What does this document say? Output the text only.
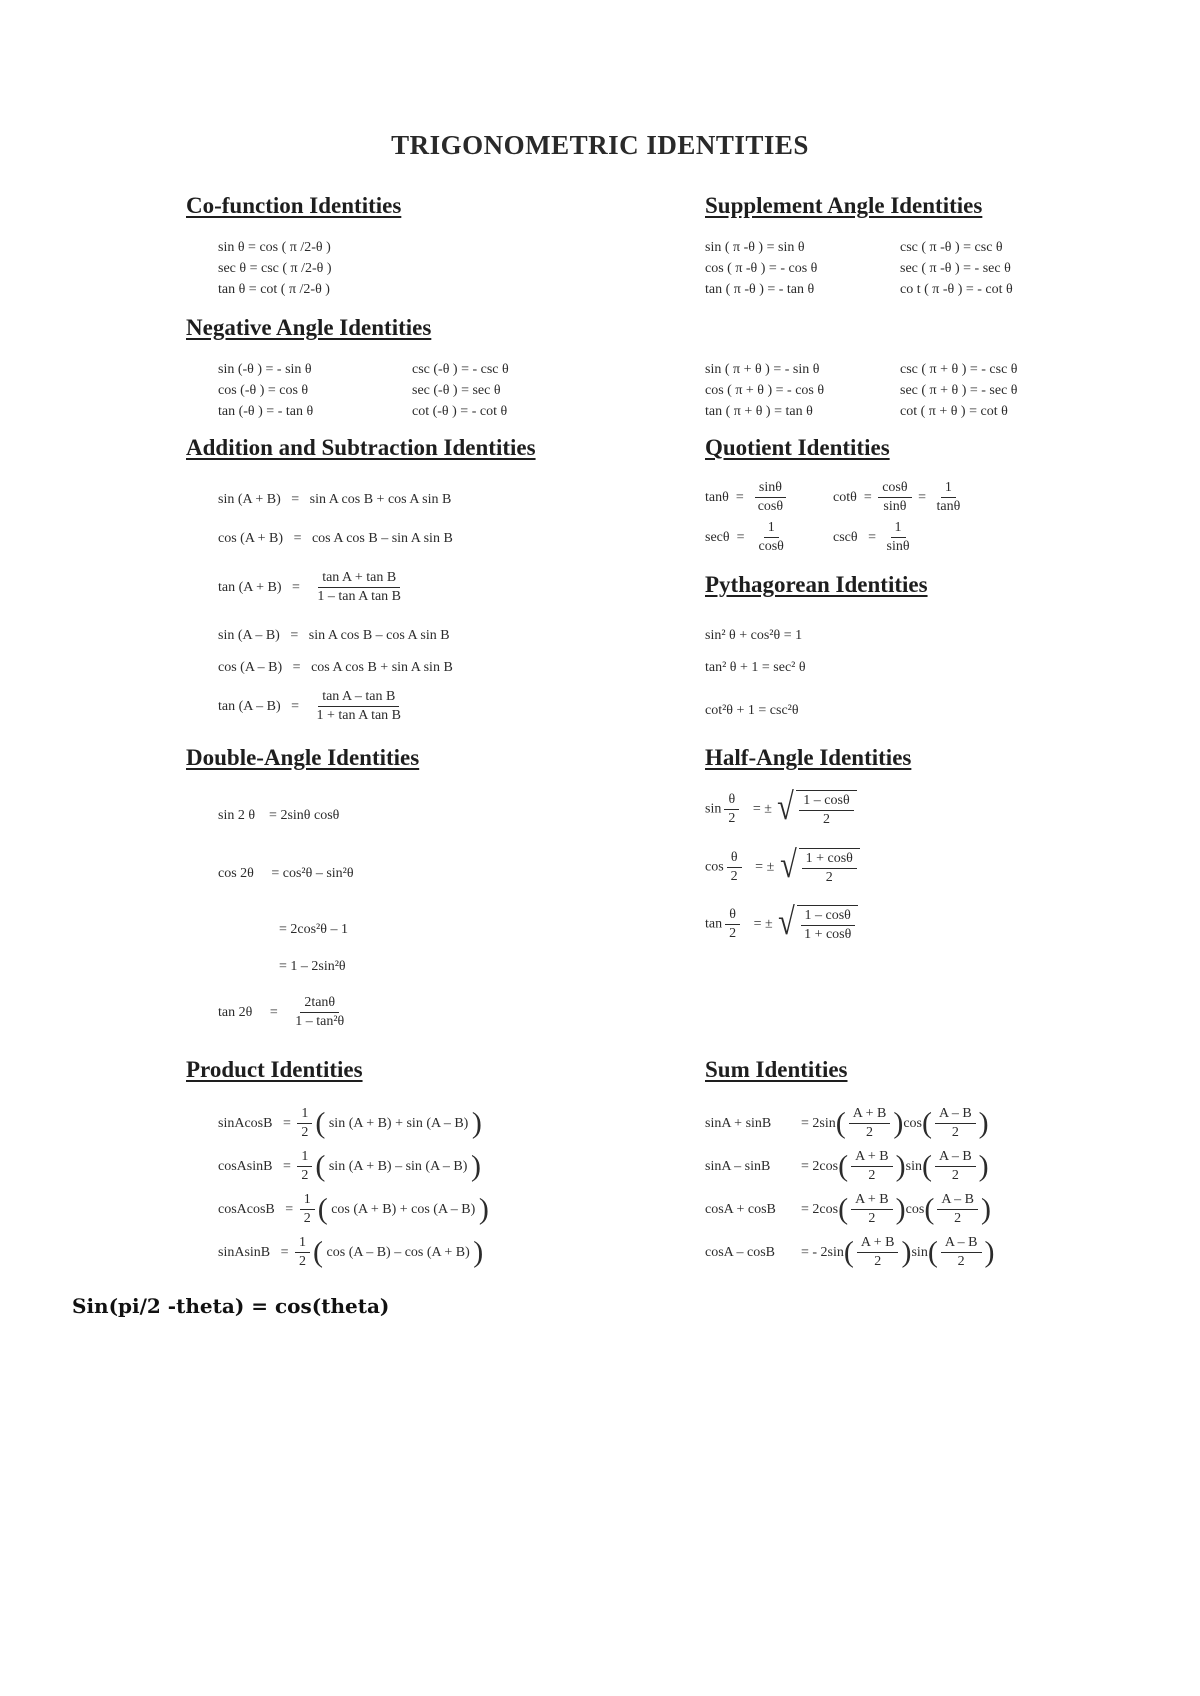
TRIGONOMETRIC IDENTITIES
Co-function Identities
sin θ = cos ( π /2-θ )
sec θ = csc ( π /2-θ )
tan θ = cot ( π /2-θ )
Supplement Angle Identities
sin ( π -θ ) = sin θ
cos ( π -θ ) = - cos θ
tan ( π -θ ) = - tan θ
csc ( π -θ ) = csc θ
sec ( π -θ ) = - sec θ
co t ( π -θ ) = - cot θ
sin ( π + θ ) = - sin θ
cos ( π + θ ) = - cos θ
tan ( π + θ ) = tan θ
csc ( π + θ ) = - csc θ
sec ( π + θ ) = - sec θ
cot ( π + θ ) = cot θ
Negative Angle Identities
sin (-θ ) = - sin θ
cos (-θ ) = cos θ
tan (-θ ) = - tan θ
csc (-θ ) = - csc θ
sec (-θ ) = sec θ
cot (-θ ) = - cot θ
Addition and Subtraction Identities
sin (A + B) = sin A cos B + cos A sin B
cos (A + B) = cos A cos B – sin A sin B
$\tan (A + B) = \frac{\text{tan A + tan B}}{\text{1 – tan A tan B}}$
sin (A – B) = sin A cos B – cos A sin B
cos (A – B) = cos A cos B + sin A sin B
$\tan (A - B) = \frac{\text{tan A – tan B}}{\text{1 + tan A tan B}}$
Quotient Identities
$\tan\theta = \frac{\sin\theta}{\cos\theta}$	$\cot\theta = \frac{\cos\theta}{\sin\theta} = \frac{1}{\tan\theta}$
$\sec\theta = \frac{1}{\cos\theta}$	$\csc\theta = \frac{1}{\sin\theta}$
Pythagorean Identities
sin² θ + cos²θ = 1
tan² θ + 1 = sec² θ
cot²θ + 1 = csc²θ
Double-Angle Identities
sin 2 θ = 2sinθ cosθ
cos 2θ = cos²θ – sin²θ
= 2cos²θ – 1
= 1 – 2sin²θ
$\tan 2\theta = \frac{2\tan\theta}{\text{1 – tan²θ}}$
Half-Angle Identities
$\sin \frac{\theta}{2}$ = ± √ $\frac{1 - \cos\theta}{2}$
$\cos \frac{\theta}{2}$ = ± √ $\frac{1 + \cos\theta}{2}$
$\tan \frac{\theta}{2}$ = ± √ $\frac{1 - \cos\theta}{1 + \cos\theta}$
Product Identities
sinAcosB = $\frac{1}{2}$ ( sin (A + B) + sin (A – B) )
cosAsinB = $\frac{1}{2}$ ( sin (A + B) – sin (A – B) )
cosAcosB = $\frac{1}{2}$ ( cos (A + B) + cos (A – B) )
sinAsinB = $\frac{1}{2}$ ( cos (A – B) – cos (A + B) )
Sum Identities
$\sin A + \sin B = 2\sin( \frac{A + B}{2} )\cos( \frac{A - B}{2}$ )
$\sin A - \sin B = 2\cos( \frac{A + B}{2} )\sin( \frac{A - B}{2}$ )
$\cos A + \cos B = 2\cos( \frac{A + B}{2} )\cos( \frac{A - B}{2}$ )
cosA – cosB = - $2\sin( \frac{A + B}{2} )\sin( \frac{A - B}{2}$ )
Sin(pi/2 -theta) = cos(theta)
